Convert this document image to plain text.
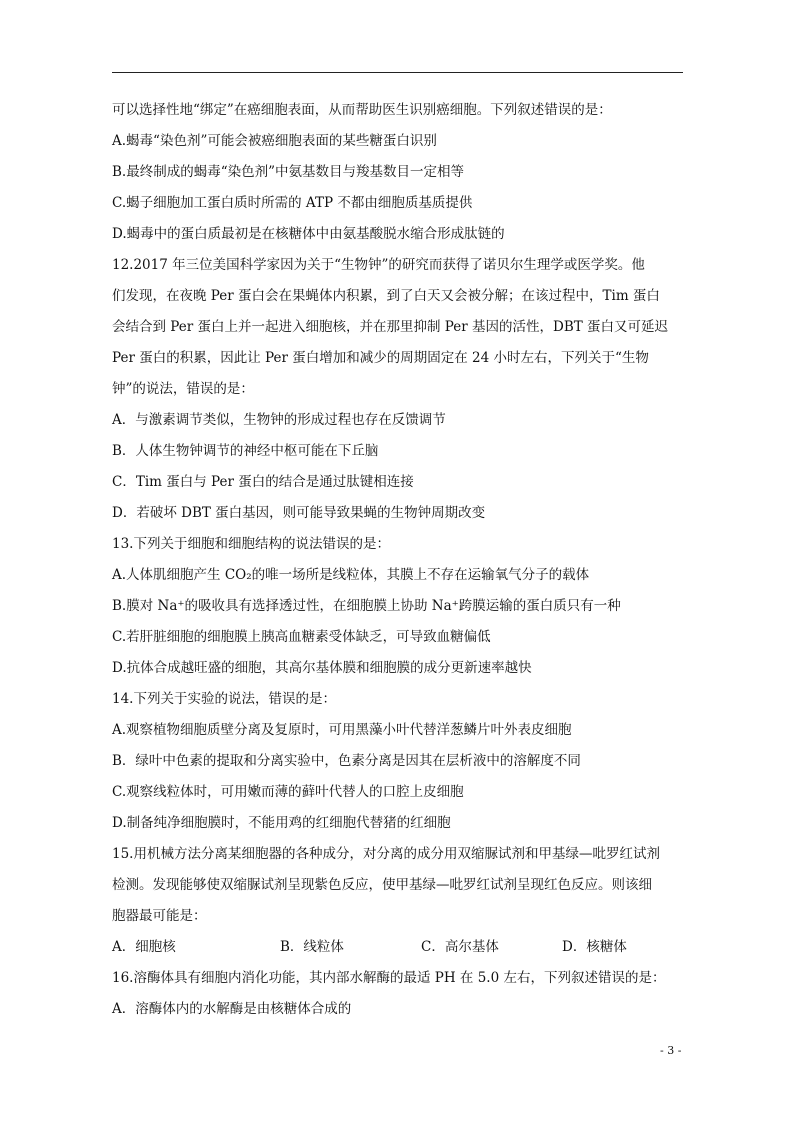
可以选择性地“绑定”在癌细胞表面，从而帮助医生识别癌细胞。下列叙述错误的是：
A.蝎毒“染色剂”可能会被癌细胞表面的某些糖蛋白识别
B.最终制成的蝎毒“染色剂”中氨基数目与羧基数目一定相等
C.蝎子细胞加工蛋白质时所需的 ATP 不都由细胞质基质提供
D.蝎毒中的蛋白质最初是在核糖体中由氨基酸脱水缩合形成肽链的
12.2017 年三位美国科学家因为关于“生物钟”的研究而获得了诺贝尔生理学或医学奖。他
们发现，在夜晚 Per 蛋白会在果蝇体内积累，到了白天又会被分解；在该过程中，Tim 蛋白
会结合到 Per 蛋白上并一起进入细胞核，并在那里抑制 Per 基因的活性，DBT 蛋白又可延迟
Per 蛋白的积累，因此让 Per 蛋白增加和减少的周期固定在 24 小时左右，下列关于“生物
钟”的说法，错误的是：
A．与激素调节类似，生物钟的形成过程也存在反馈调节
B．人体生物钟调节的神经中枢可能在下丘脑
C．Tim 蛋白与 Per 蛋白的结合是通过肽键相连接
D．若破坏 DBT 蛋白基因，则可能导致果蝇的生物钟周期改变
13.下列关于细胞和细胞结构的说法错误的是：
A.人体肌细胞产生 CO₂的唯一场所是线粒体，其膜上不存在运输氧气分子的载体
B.膜对 Na⁺的吸收具有选择透过性，在细胞膜上协助 Na⁺跨膜运输的蛋白质只有一种
C.若肝脏细胞的细胞膜上胰高血糖素受体缺乏，可导致血糖偏低
D.抗体合成越旺盛的细胞，其高尔基体膜和细胞膜的成分更新速率越快
14.下列关于实验的说法，错误的是：
A.观察植物细胞质壁分离及复原时，可用黑藻小叶代替洋葱鳞片叶外表皮细胞
B．绿叶中色素的提取和分离实验中，色素分离是因其在层析液中的溶解度不同
C.观察线粒体时，可用嫩而薄的藓叶代替人的口腔上皮细胞
D.制备纯净细胞膜时，不能用鸡的红细胞代替猪的红细胞
15.用机械方法分离某细胞器的各种成分，对分离的成分用双缩脲试剂和甲基绿—吡罗红试剂
检测。发现能够使双缩脲试剂呈现紫色反应，使甲基绿—吡罗红试剂呈现红色反应。则该细
胞器最可能是：
A．细胞核	B．线粒体	C．高尔基体	D．核糖体
16.溶酶体具有细胞内消化功能，其内部水解酶的最适 PH 在 5.0 左右，下列叙述错误的是：
A．溶酶体内的水解酶是由核糖体合成的
- 3 -
